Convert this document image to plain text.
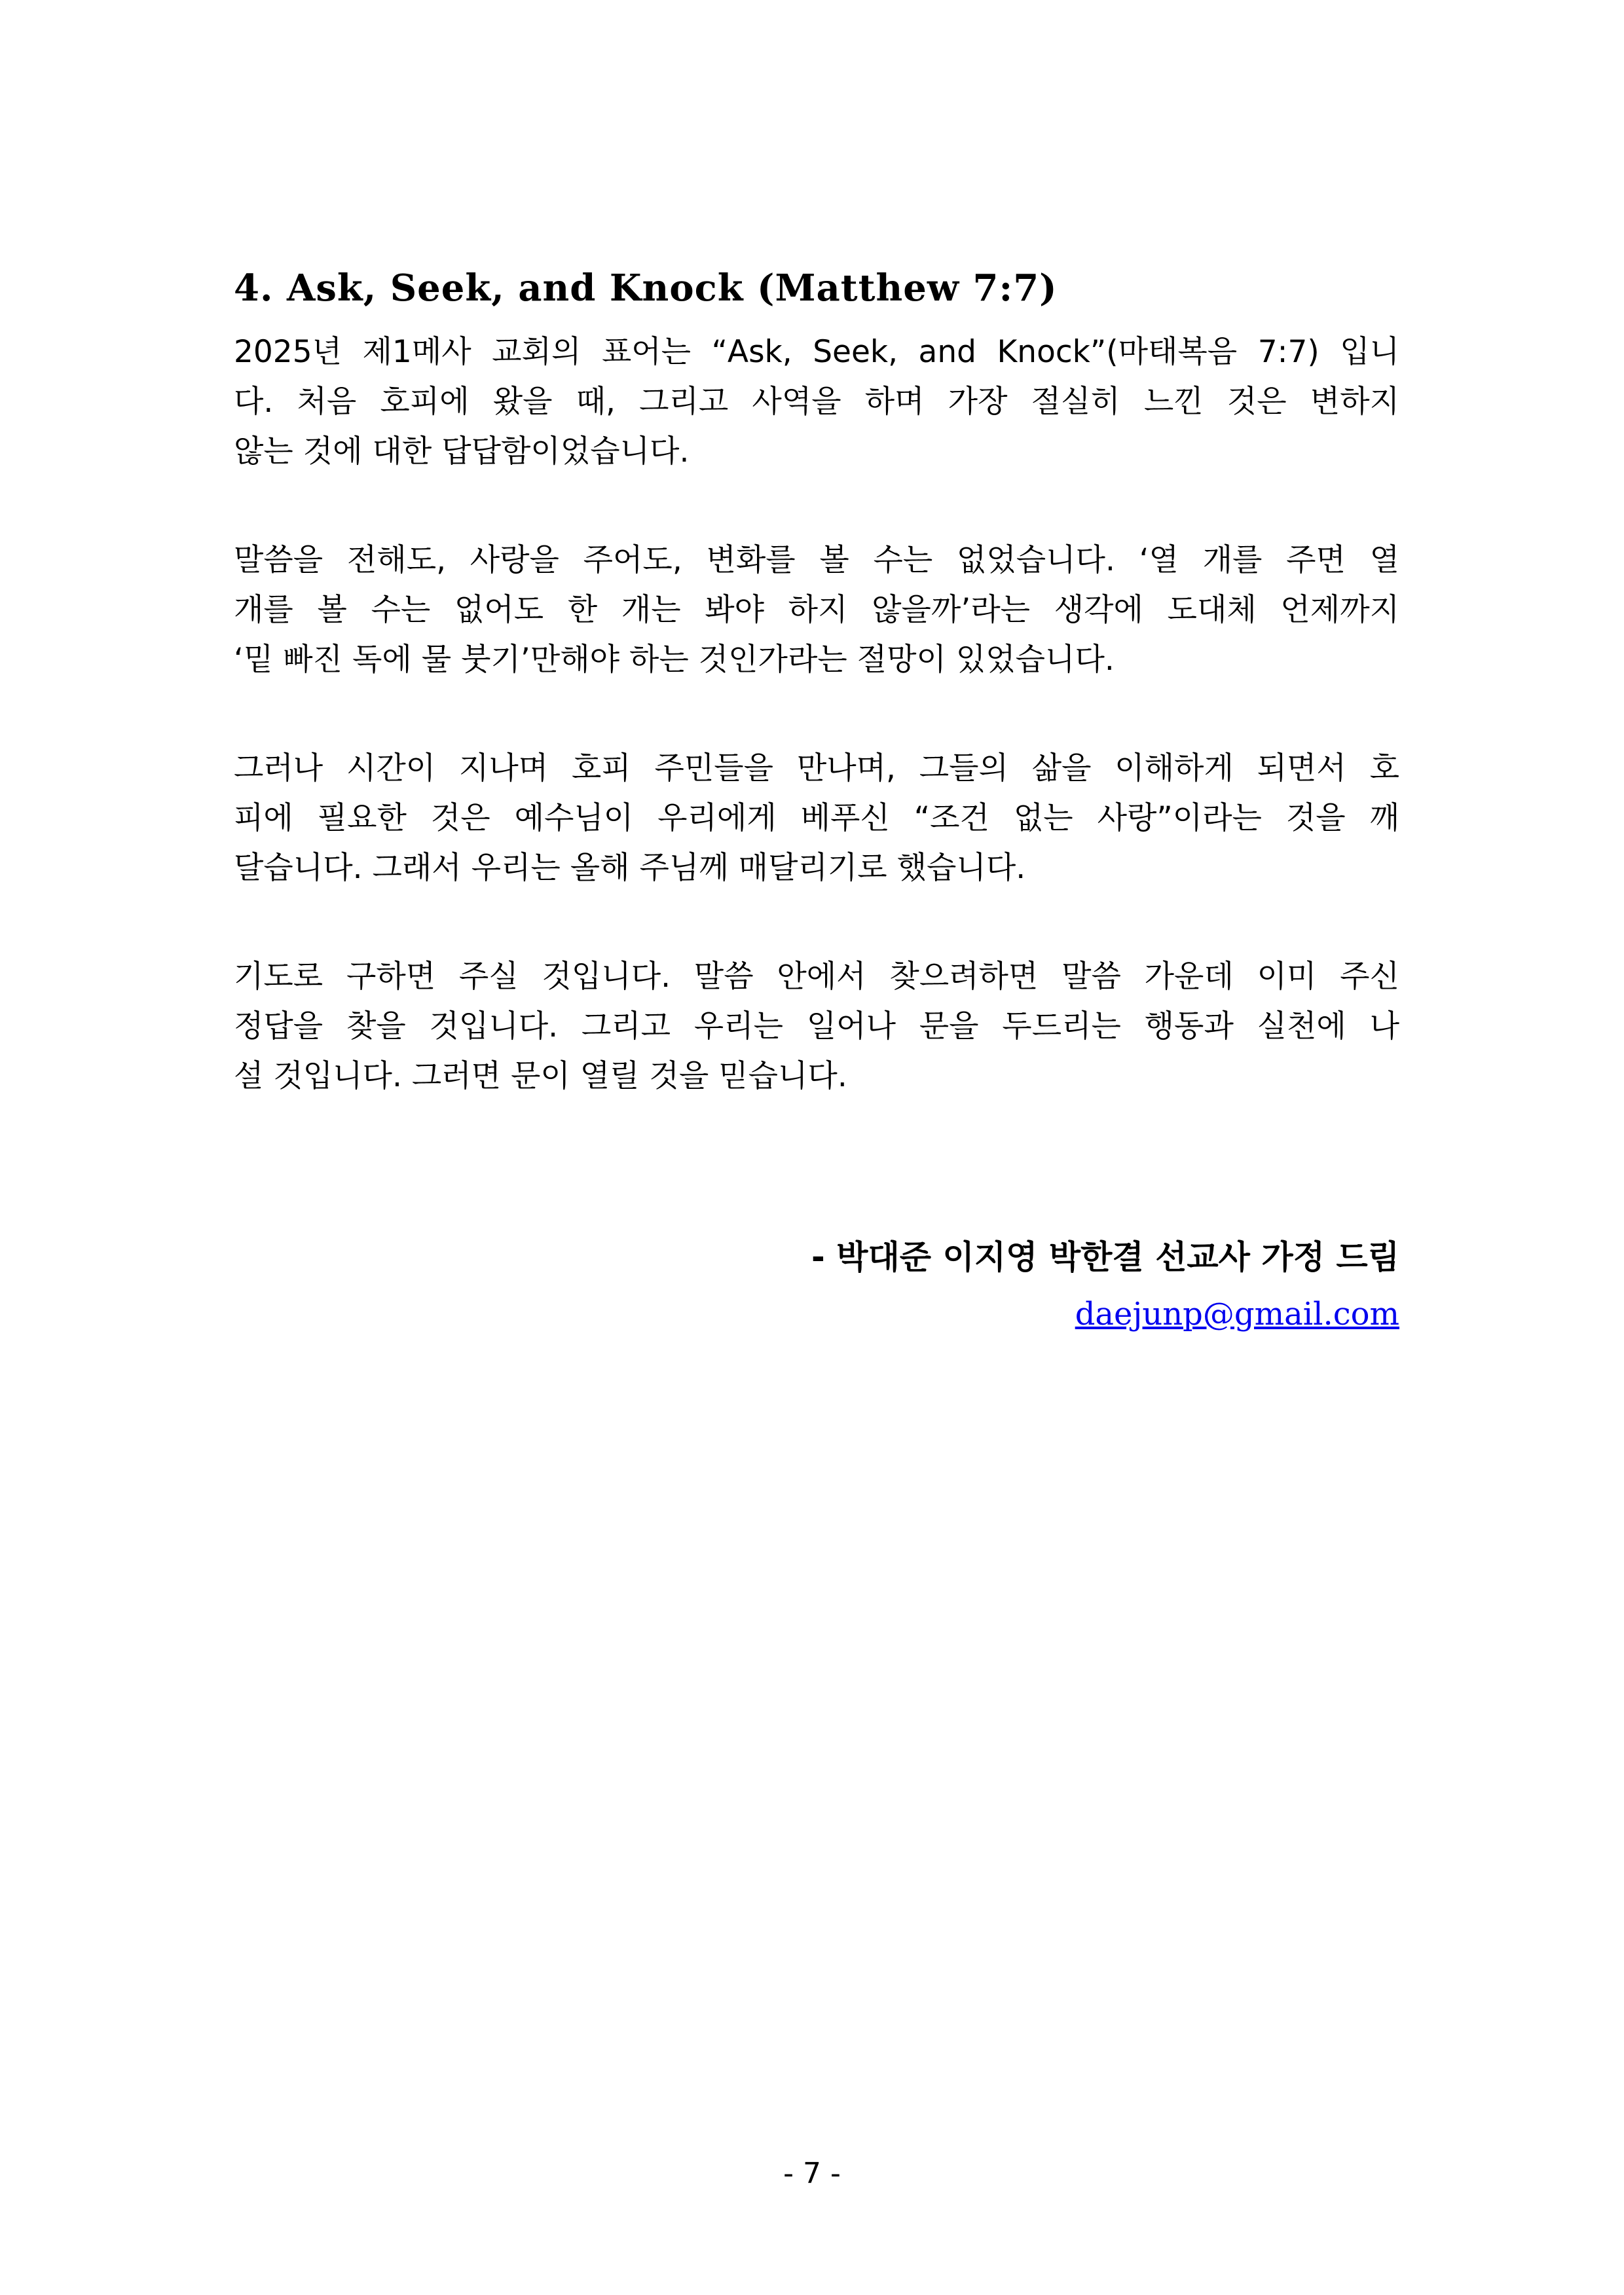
4. Ask, Seek, and Knock (Matthew 7:7)
2025년 제1메사 교회의 표어는 “Ask, Seek, and Knock”(마태복음 7:7) 입니
다. 처음 호피에 왔을 때, 그리고 사역을 하며 가장 절실히 느낀 것은 변하지
않는 것에 대한 답답함이었습니다.
말씀을 전해도, 사랑을 주어도, 변화를 볼 수는 없었습니다. ‘열 개를 주면 열
개를 볼 수는 없어도 한 개는 봐야 하지 않을까’라는 생각에 도대체 언제까지
‘밑 빠진 독에 물 붓기’만해야 하는 것인가라는 절망이 있었습니다.
그러나 시간이 지나며 호피 주민들을 만나며, 그들의 삶을 이해하게 되면서 호
피에 필요한 것은 예수님이 우리에게 베푸신 “조건 없는 사랑”이라는 것을 깨
달습니다. 그래서 우리는 올해 주님께 매달리기로 했습니다.
기도로 구하면 주실 것입니다. 말씀 안에서 찾으려하면 말씀 가운데 이미 주신
정답을 찾을 것입니다. 그리고 우리는 일어나 문을 두드리는 행동과 실천에 나
설 것입니다. 그러면 문이 열릴 것을 믿습니다.
- 박대준 이지영 박한결 선교사 가정 드림
daejunp@gmail.com
- 7 -
